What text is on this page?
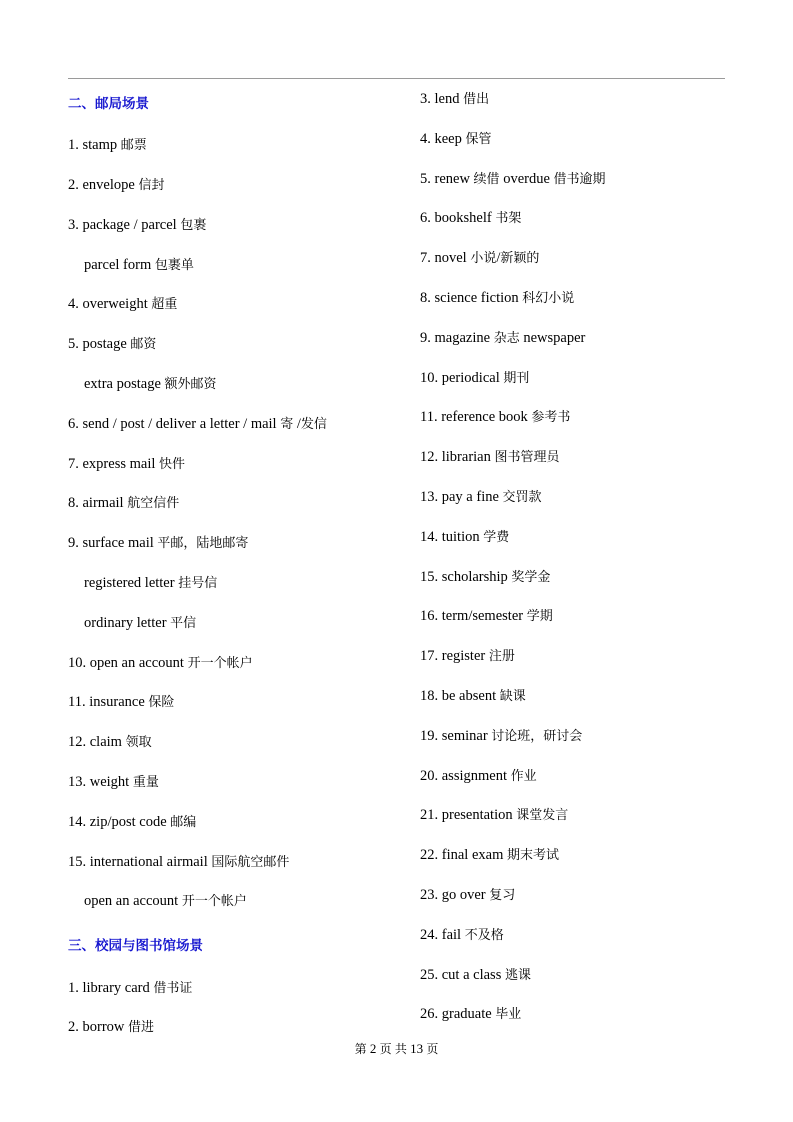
二、邮局场景
1. stamp 邮票
2. envelope 信封
3. package / parcel 包裹
parcel form 包裹单
4. overweight 超重
5. postage 邮资
extra postage 额外邮资
6. send / post / deliver a letter / mail 寄 /发信
7. express mail 快件
8. airmail 航空信件
9. surface mail 平邮，陆地邮寄
registered letter 挂号信
ordinary letter 平信
10. open an account 开一个帐户
11. insurance 保险
12. claim 领取
13. weight 重量
14. zip/post code 邮编
15. international airmail 国际航空邮件
open an account 开一个帐户
三、校园与图书馆场景
1. library card 借书证
2. borrow 借进
3. lend 借出
4. keep 保管
5. renew 续借 overdue 借书逾期
6. bookshelf 书架
7. novel 小说/新颖的
8. science fiction 科幻小说
9. magazine 杂志 newspaper
10. periodical 期刊
11. reference book 参考书
12. librarian 图书管理员
13. pay a fine 交罚款
14. tuition 学费
15. scholarship 奖学金
16. term/semester 学期
17. register 注册
18. be absent 缺课
19. seminar 讨论班，研讨会
20. assignment 作业
21. presentation 课堂发言
22. final exam 期末考试
23. go over 复习
24. fail 不及格
25. cut a class 逃课
26. graduate 毕业
第 2 页 共 13 页
